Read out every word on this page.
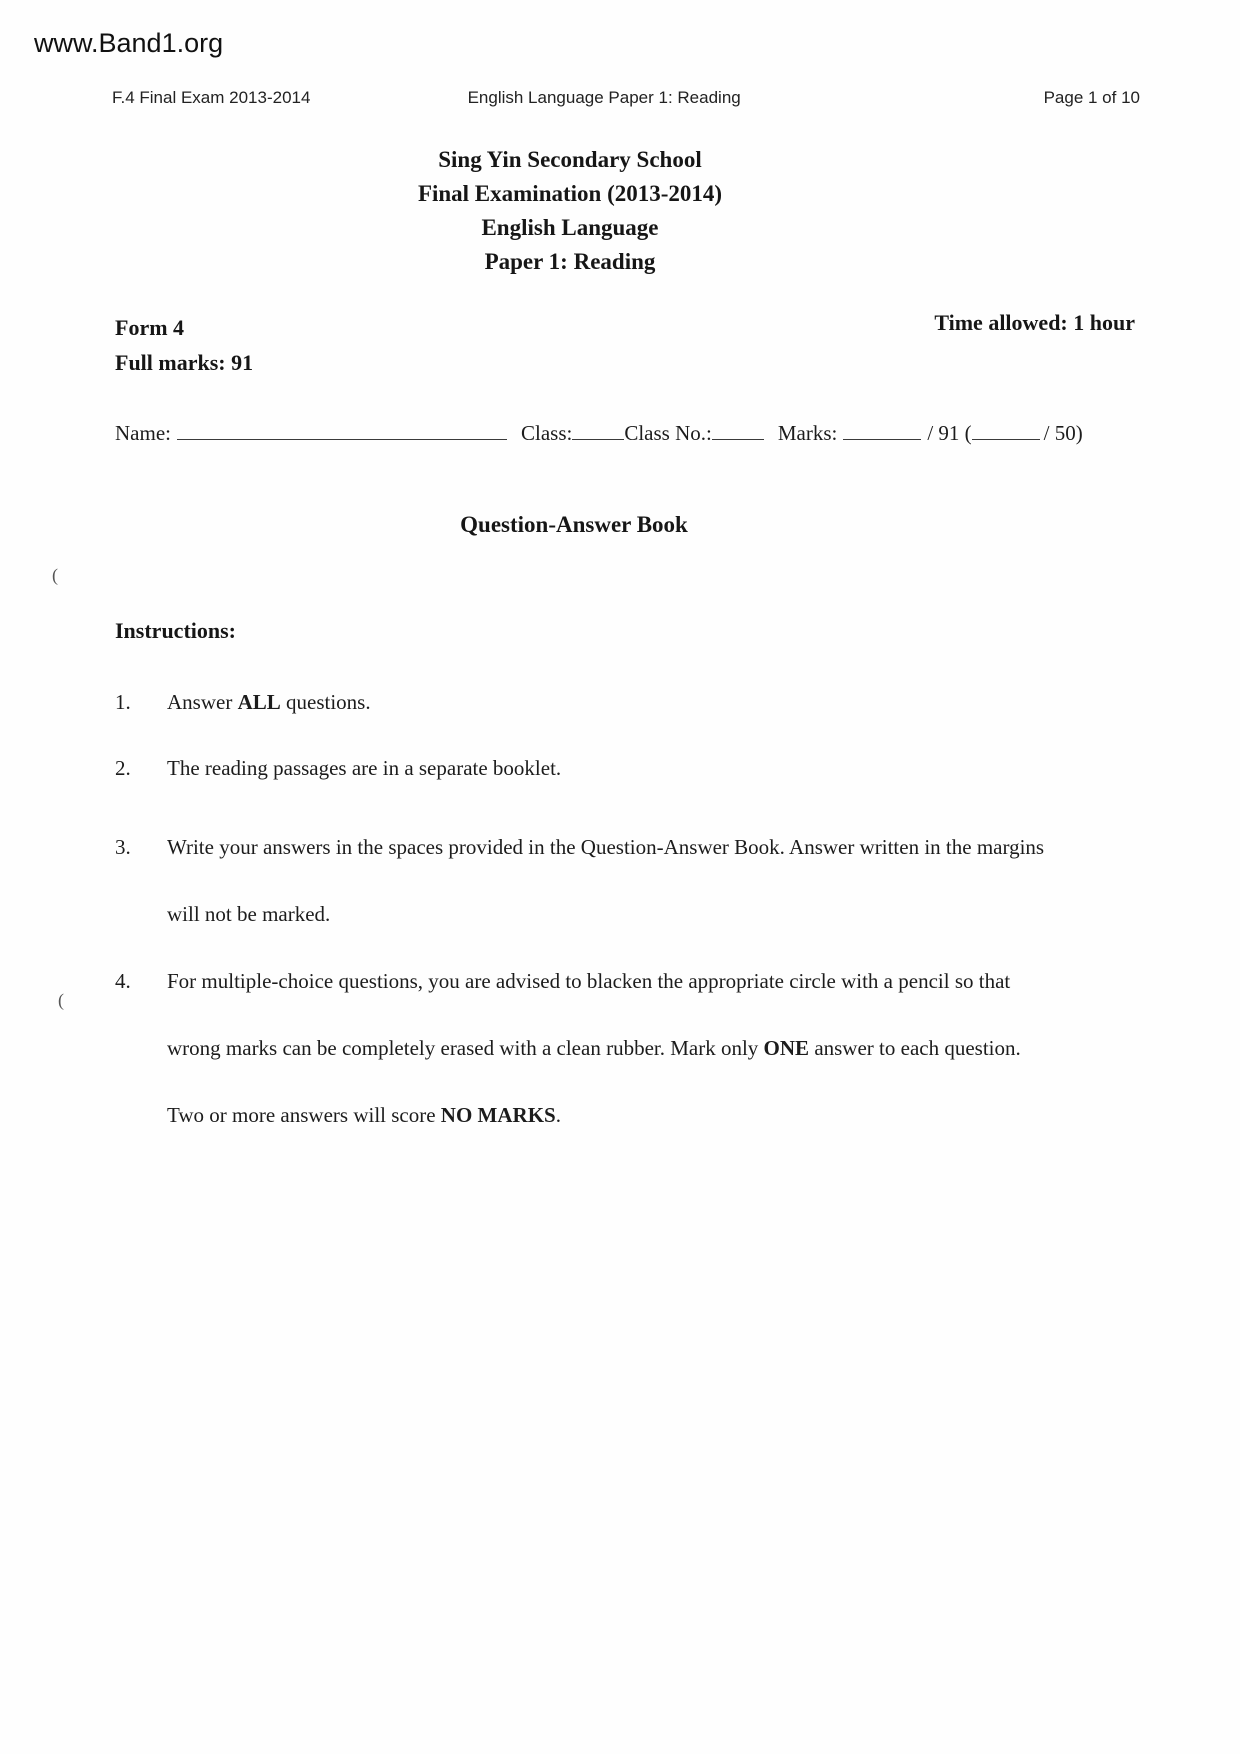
www.Band1.org
F.4 Final Exam 2013-2014	English Language Paper 1: Reading	Page 1 of 10
Sing Yin Secondary School
Final Examination (2013-2014)
English Language
Paper 1: Reading
Form 4
Full marks: 91
Time allowed: 1 hour
Name:	Class: Class No.:	Marks:	/ 91 (	/ 50)
Question-Answer Book
(
(
Instructions:
1.	Answer ALL questions.
2.	The reading passages are in a separate booklet.
3.	Write your answers in the spaces provided in the Question-Answer Book. Answer written in the margins will not be marked.
4.	For multiple-choice questions, you are advised to blacken the appropriate circle with a pencil so that wrong marks can be completely erased with a clean rubber. Mark only ONE answer to each question. Two or more answers will score NO MARKS.
